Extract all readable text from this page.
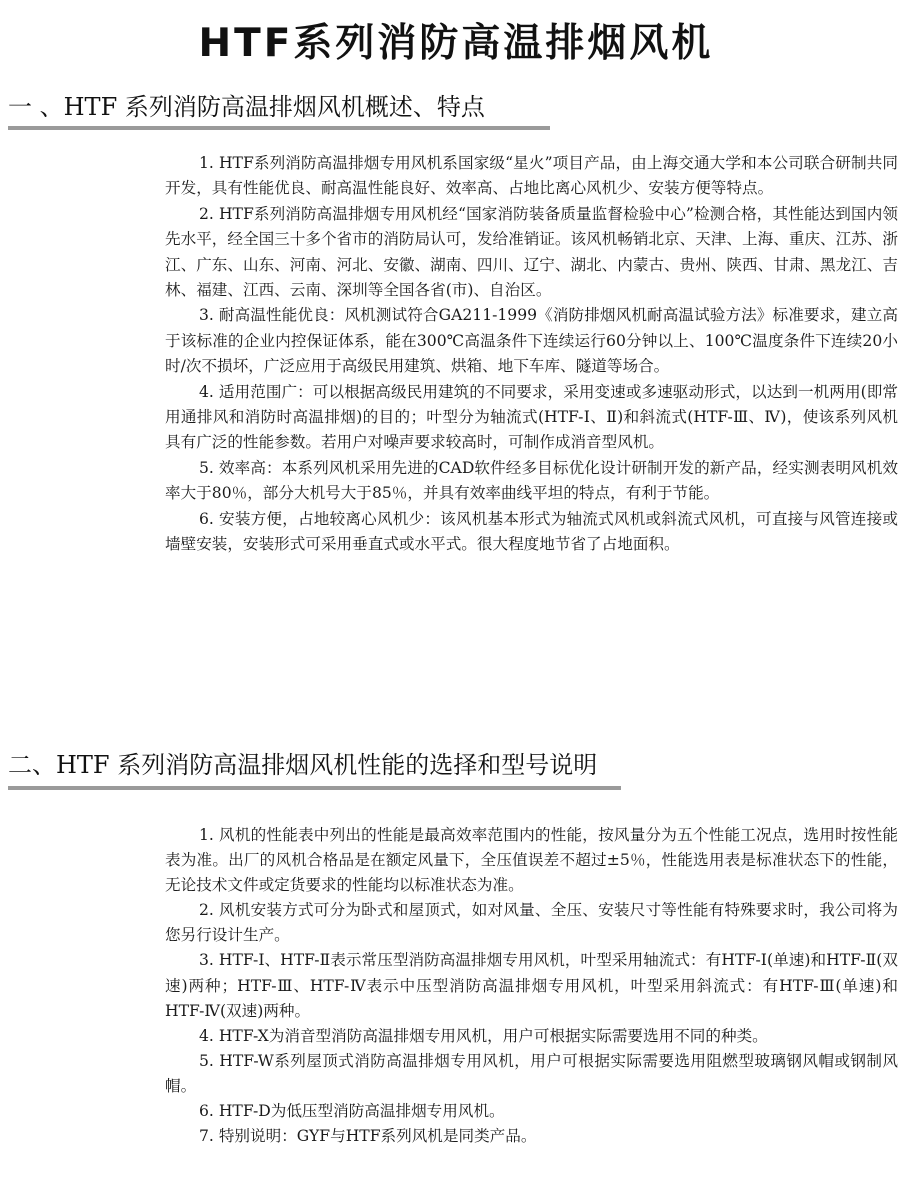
HTF系列消防高温排烟风机
一 、HTF 系列消防高温排烟风机概述、特点

1. HTF系列消防高温排烟专用风机系国家级“星火”项目产品，由上海交通大学和本公司联合研制共同开发，具有性能优良、耐高温性能良好、效率高、占地比离心风机少、安装方便等特点。

2. HTF系列消防高温排烟专用风机经“国家消防装备质量监督检验中心”检测合格，其性能达到国内领先水平，经全国三十多个省市的消防局认可，发给准销证。该风机畅销北京、天津、上海、重庆、江苏、浙江、广东、山东、河南、河北、安徽、湖南、四川、辽宁、湖北、内蒙古、贵州、陕西、甘肃、黑龙江、吉林、福建、江西、云南、深圳等全国各省(市)、自治区。

3. 耐高温性能优良：风机测试符合GA211-1999《消防排烟风机耐高温试验方法》标准要求，建立高于该标准的企业内控保证体系，能在300℃高温条件下连续运行60分钟以上、100℃温度条件下连续20小时/次不损坏，广泛应用于高级民用建筑、烘箱、地下车库、隧道等场合。

4. 适用范围广：可以根据高级民用建筑的不同要求，采用变速或多速驱动形式，以达到一机两用(即常用通排风和消防时高温排烟)的目的；叶型分为轴流式(HTF-Ⅰ、Ⅱ)和斜流式(HTF-Ⅲ、Ⅳ)，使该系列风机具有广泛的性能参数。若用户对噪声要求较高时，可制作成消音型风机。

5. 效率高：本系列风机采用先进的CAD软件经多目标优化设计研制开发的新产品，经实测表明风机效率大于80％，部分大机号大于85％，并具有效率曲线平坦的特点，有利于节能。

6. 安装方便，占地较离心风机少：该风机基本形式为轴流式风机或斜流式风机，可直接与风管连接或墙壁安装，安装形式可采用垂直式或水平式。很大程度地节省了占地面积。

二、HTF 系列消防高温排烟风机性能的选择和型号说明

1. 风机的性能表中列出的性能是最高效率范围内的性能，按风量分为五个性能工况点，选用时按性能表为准。出厂的风机合格品是在额定风量下，全压值误差不超过±5％，性能选用表是标准状态下的性能，无论技术文件或定货要求的性能均以标准状态为准。

2. 风机安装方式可分为卧式和屋顶式，如对风量、全压、安装尺寸等性能有特殊要求时，我公司将为您另行设计生产。

3. HTF-Ⅰ、HTF-Ⅱ表示常压型消防高温排烟专用风机，叶型采用轴流式：有HTF-Ⅰ(单速)和HTF-Ⅱ(双速)两种；HTF-Ⅲ、HTF-Ⅳ表示中压型消防高温排烟专用风机，叶型采用斜流式：有HTF-Ⅲ(单速)和HTF-Ⅳ(双速)两种。

4. HTF-X为消音型消防高温排烟专用风机，用户可根据实际需要选用不同的种类。

5. HTF-W系列屋顶式消防高温排烟专用风机，用户可根据实际需要选用阻燃型玻璃钢风帽或钢制风帽。

6. HTF-D为低压型消防高温排烟专用风机。

7. 特别说明：GYF与HTF系列风机是同类产品。
